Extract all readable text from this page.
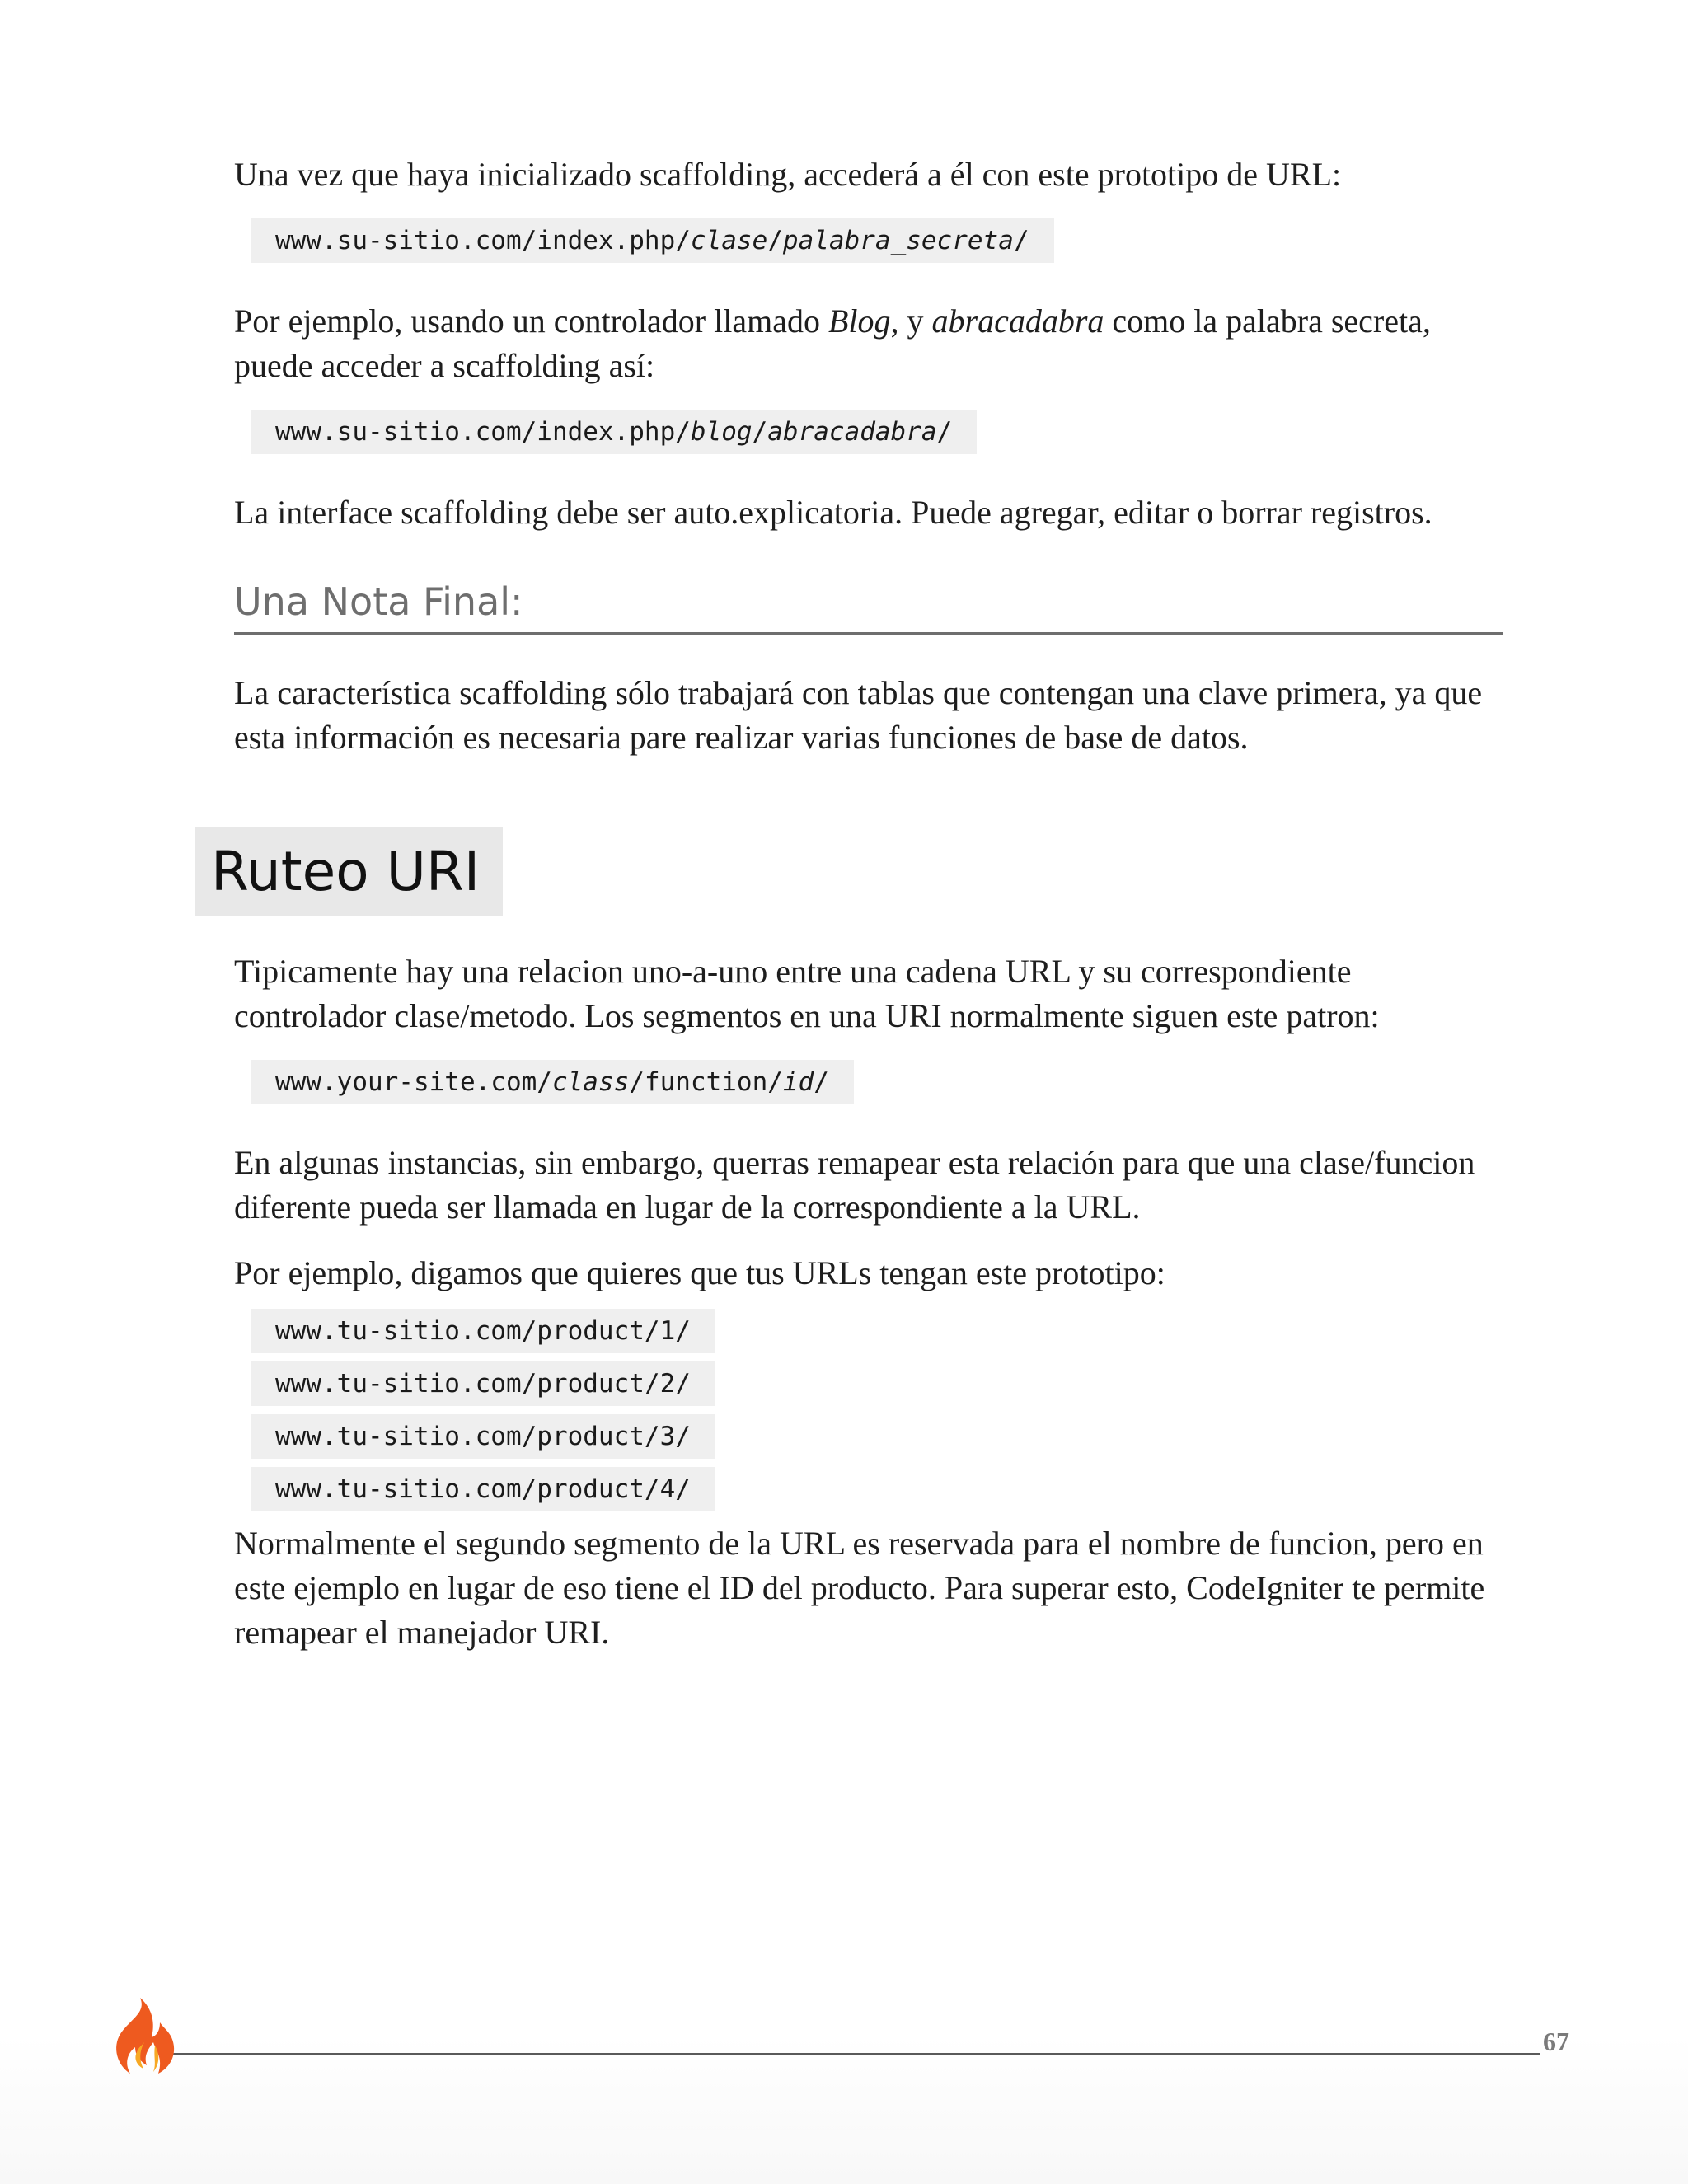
Una vez que haya inicializado scaffolding, accederá a él con este prototipo de URL:

www.su-sitio.com/index.php/clase/palabra_secreta/

Por ejemplo, usando un controlador llamado Blog, y abracadabra como la palabra secreta, puede acceder a scaffolding así:

www.su-sitio.com/index.php/blog/abracadabra/

La interface scaffolding debe ser auto.explicatoria. Puede agregar, editar o borrar registros.

Una Nota Final:

La característica scaffolding sólo trabajará con tablas que contengan una clave primera, ya que esta información es necesaria pare realizar varias funciones de base de datos.

Ruteo URI

Tipicamente hay una relacion uno-a-uno entre una cadena URL y su correspondiente controlador clase/metodo. Los segmentos en una URI normalmente siguen este patron:

www.your-site.com/class/function/id/

En algunas instancias, sin embargo, querras remapear esta relación para que una clase/funcion diferente pueda ser llamada en lugar de la correspondiente a la URL.

Por ejemplo, digamos que quieres que tus URLs tengan este prototipo:

www.tu-sitio.com/product/1/
www.tu-sitio.com/product/2/
www.tu-sitio.com/product/3/
www.tu-sitio.com/product/4/

Normalmente el segundo segmento de la URL es reservada para el nombre de funcion, pero en este ejemplo en lugar de eso tiene el ID del producto. Para superar esto, CodeIgniter te permite remapear el manejador URI.

67
